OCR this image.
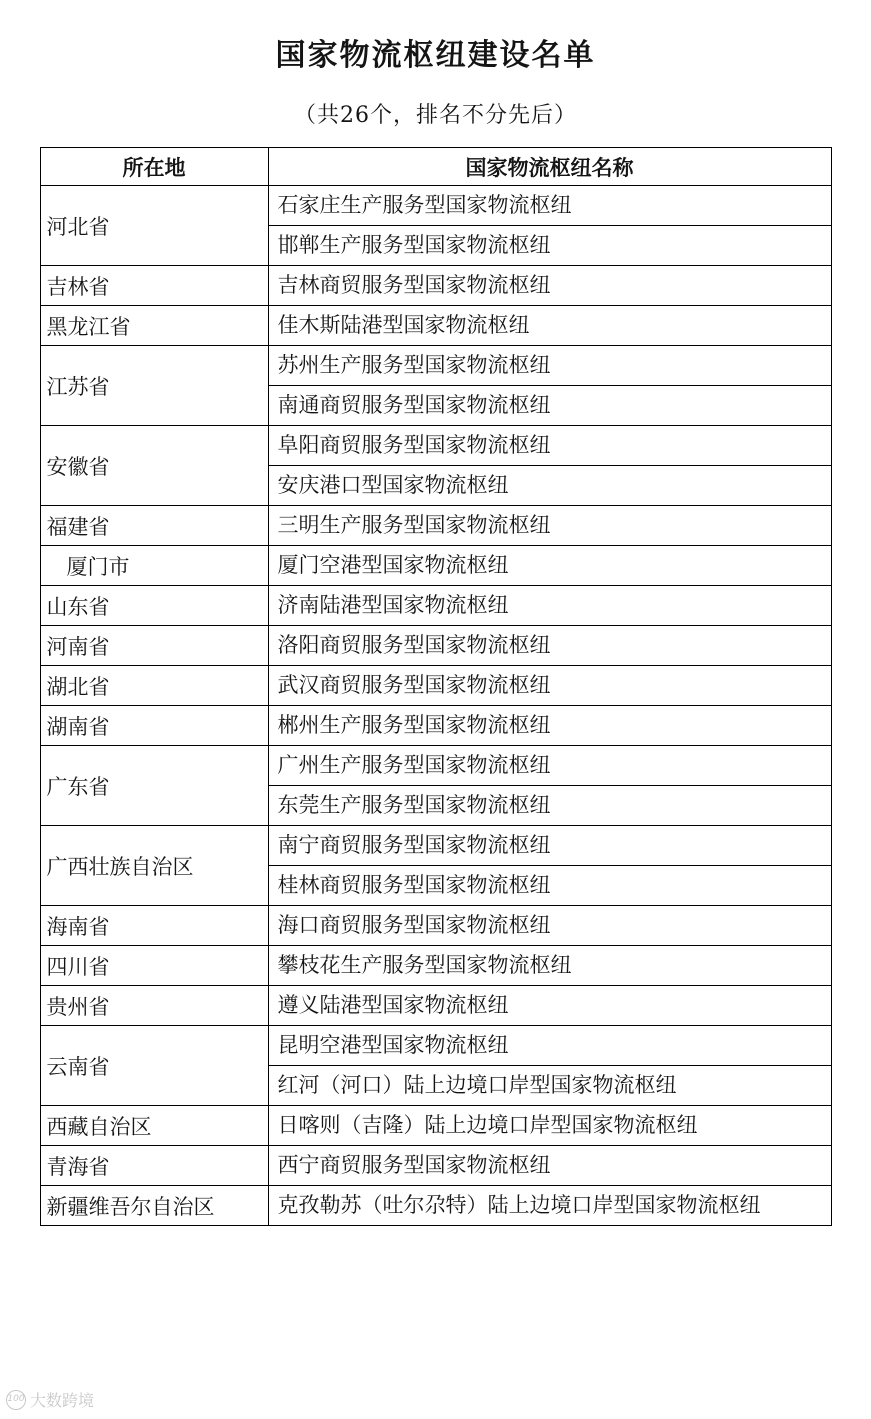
国家物流枢纽建设名单
（共26个，排名不分先后）
所在地	国家物流枢纽名称
河北省	石家庄生产服务型国家物流枢纽
	邯郸生产服务型国家物流枢纽
吉林省	吉林商贸服务型国家物流枢纽
黑龙江省	佳木斯陆港型国家物流枢纽
江苏省	苏州生产服务型国家物流枢纽
	南通商贸服务型国家物流枢纽
安徽省	阜阳商贸服务型国家物流枢纽
	安庆港口型国家物流枢纽
福建省	三明生产服务型国家物流枢纽
厦门市	厦门空港型国家物流枢纽
山东省	济南陆港型国家物流枢纽
河南省	洛阳商贸服务型国家物流枢纽
湖北省	武汉商贸服务型国家物流枢纽
湖南省	郴州生产服务型国家物流枢纽
广东省	广州生产服务型国家物流枢纽
	东莞生产服务型国家物流枢纽
广西壮族自治区	南宁商贸服务型国家物流枢纽
	桂林商贸服务型国家物流枢纽
海南省	海口商贸服务型国家物流枢纽
四川省	攀枝花生产服务型国家物流枢纽
贵州省	遵义陆港型国家物流枢纽
云南省	昆明空港型国家物流枢纽
	红河（河口）陆上边境口岸型国家物流枢纽
西藏自治区	日喀则（吉隆）陆上边境口岸型国家物流枢纽
青海省	西宁商贸服务型国家物流枢纽
新疆维吾尔自治区	克孜勒苏（吐尔尕特）陆上边境口岸型国家物流枢纽
100 大数跨境
